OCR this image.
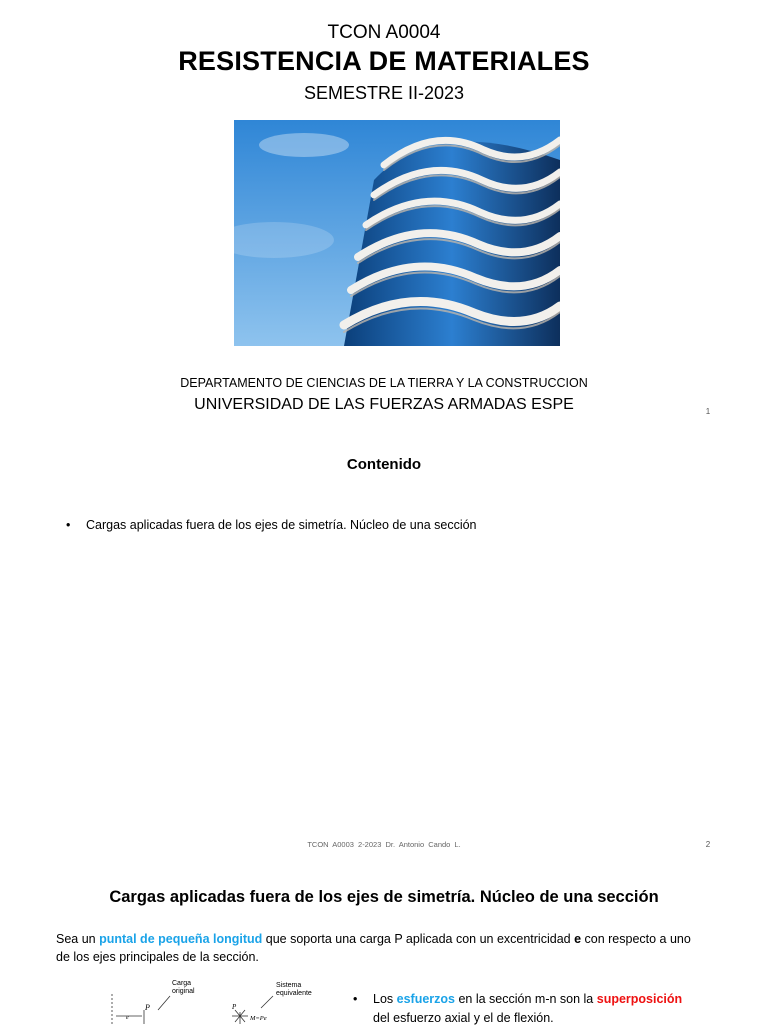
TCON A0004
RESISTENCIA DE MATERIALES
SEMESTRE II-2023
DEPARTAMENTO DE CIENCIAS DE LA TIERRA Y LA CONSTRUCCION
UNIVERSIDAD DE LAS FUERZAS ARMADAS ESPE	1
Contenido
• Cargas aplicadas fuera de los ejes de simetría. Núcleo de una sección
TCON A0003 2-2023 Dr. Antonio Cando L.	2
Cargas aplicadas fuera de los ejes de simetría. Núcleo de una sección
Sea un puntal de pequeña longitud que soporta una carga P aplicada con un excentricidad e con respecto a uno de los ejes principales de la sección.
Carga
original
Sistema
equivalente
P
e
P
M=Pe
• Los esfuerzos en la sección m-n son la superposición
del esfuerzo axial y el de flexión.
